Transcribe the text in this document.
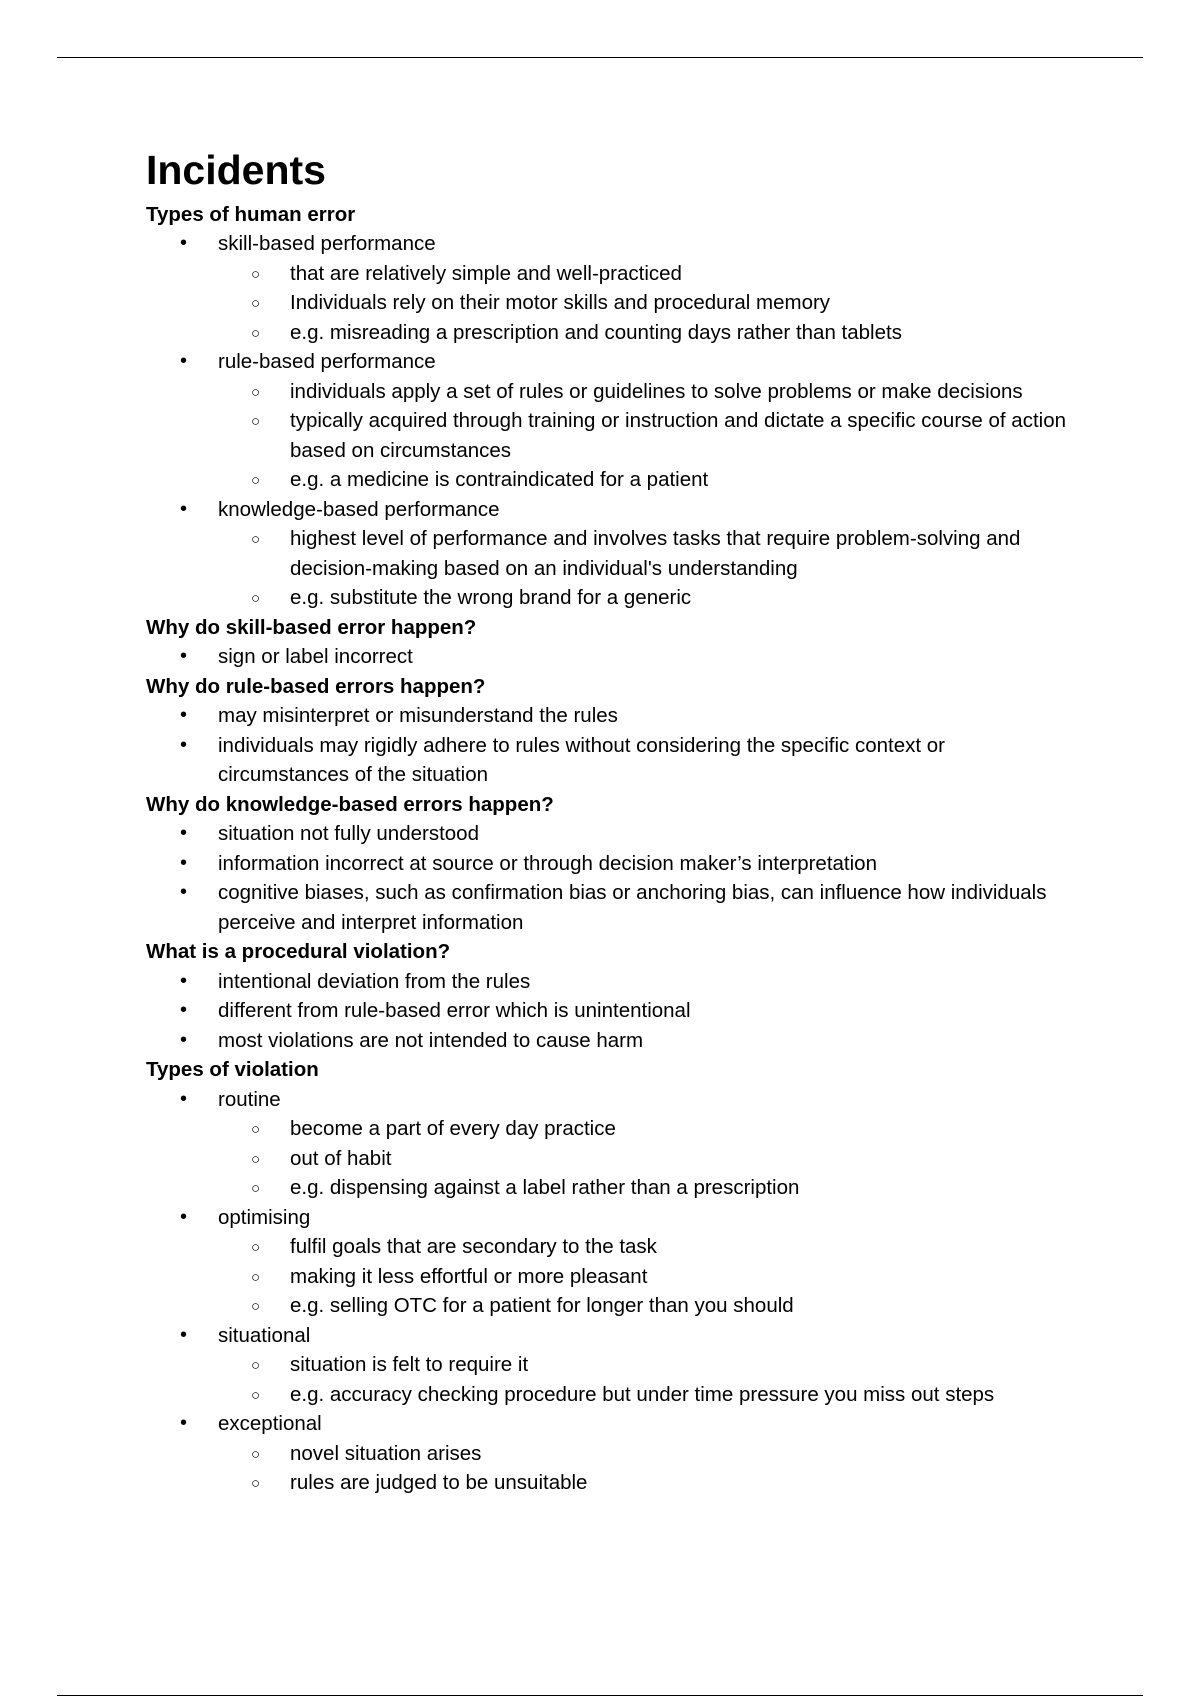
Incidents
Types of human error
• skill-based performance
○ that are relatively simple and well-practiced
○ Individuals rely on their motor skills and procedural memory
○ e.g. misreading a prescription and counting days rather than tablets
• rule-based performance
○ individuals apply a set of rules or guidelines to solve problems or make decisions
○ typically acquired through training or instruction and dictate a specific course of action based on circumstances
○ e.g. a medicine is contraindicated for a patient
• knowledge-based performance
○ highest level of performance and involves tasks that require problem-solving and decision-making based on an individual's understanding
○ e.g. substitute the wrong brand for a generic
Why do skill-based error happen?
• sign or label incorrect
Why do rule-based errors happen?
• may misinterpret or misunderstand the rules
• individuals may rigidly adhere to rules without considering the specific context or circumstances of the situation
Why do knowledge-based errors happen?
• situation not fully understood
• information incorrect at source or through decision maker’s interpretation
• cognitive biases, such as confirmation bias or anchoring bias, can influence how individuals perceive and interpret information
What is a procedural violation?
• intentional deviation from the rules
• different from rule-based error which is unintentional
• most violations are not intended to cause harm
Types of violation
• routine
○ become a part of every day practice
○ out of habit
○ e.g. dispensing against a label rather than a prescription
• optimising
○ fulfil goals that are secondary to the task
○ making it less effortful or more pleasant
○ e.g. selling OTC for a patient for longer than you should
• situational
○ situation is felt to require it
○ e.g. accuracy checking procedure but under time pressure you miss out steps
• exceptional
○ novel situation arises
○ rules are judged to be unsuitable
